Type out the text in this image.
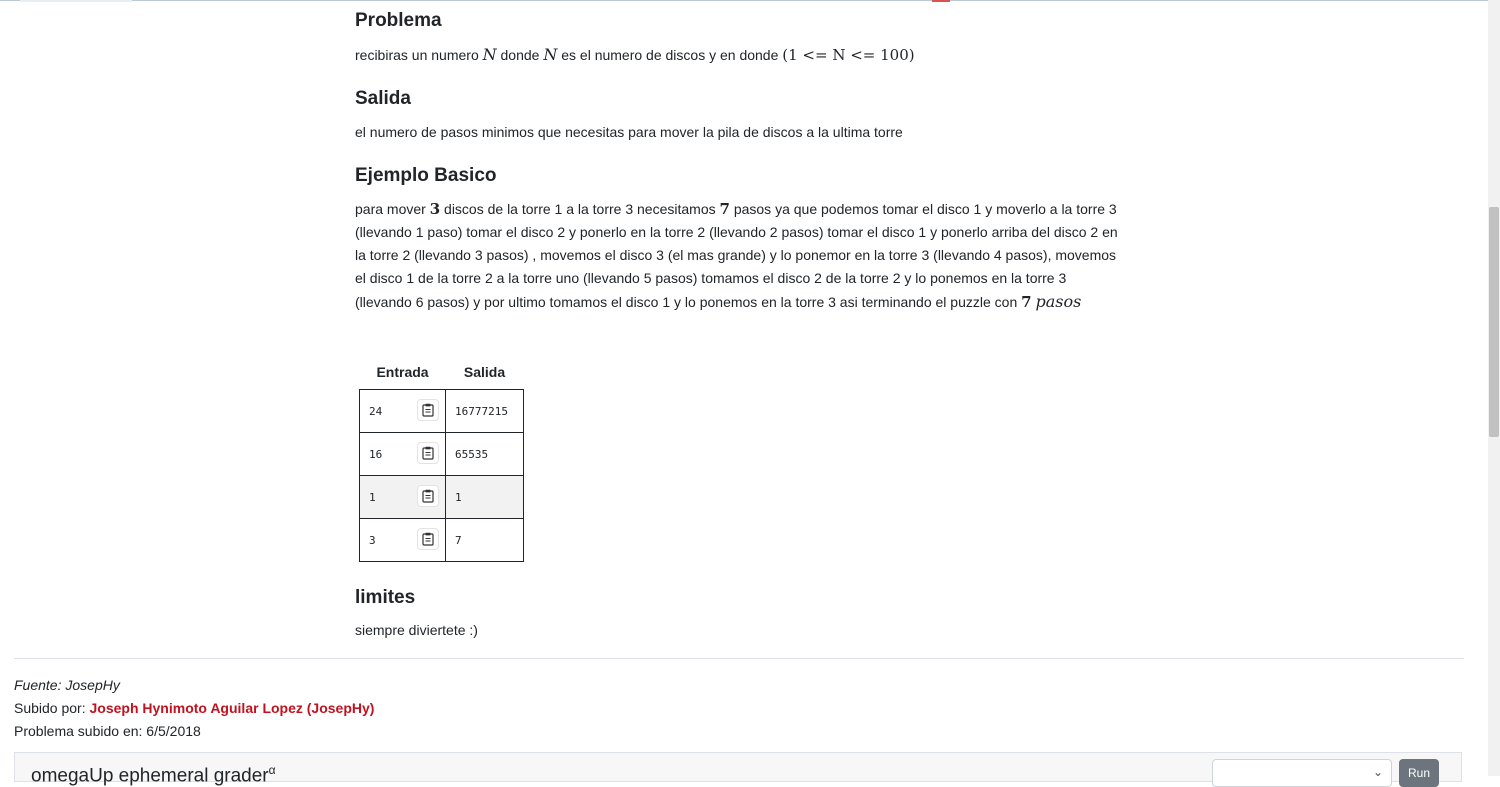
Problema

recibiras un numero N donde N es el numero de discos y en donde (1 <= N <= 100)

Salida

el numero de pasos minimos que necesitas para mover la pila de discos a la ultima torre

Ejemplo Basico

para mover 3 discos de la torre 1 a la torre 3 necesitamos 7 pasos ya que podemos tomar el disco 1 y moverlo a la torre 3 (llevando 1 paso) tomar el disco 2 y ponerlo en la torre 2 (llevando 2 pasos) tomar el disco 1 y ponerlo arriba del disco 2 en la torre 2 (llevando 3 pasos) , movemos el disco 3 (el mas grande) y lo ponemor en la torre 3 (llevando 4 pasos), movemos el disco 1 de la torre 2 a la torre uno (llevando 5 pasos) tomamos el disco 2 de la torre 2 y lo ponemos en la torre 3 (llevando 6 pasos) y por ultimo tomamos el disco 1 y lo ponemos en la torre 3 asi terminando el puzzle con 7 pasos

Entrada	Salida
24	16777215
16	65535
1	1
3	7
limites

siempre diviertete :)

Fuente: JosepHy
Subido por: Joseph Hynimoto Aguilar Lopez (JosepHy)
Problema subido en: 6/5/2018
omegaUp ephemeral grader$^\alpha$	⌄	Run
